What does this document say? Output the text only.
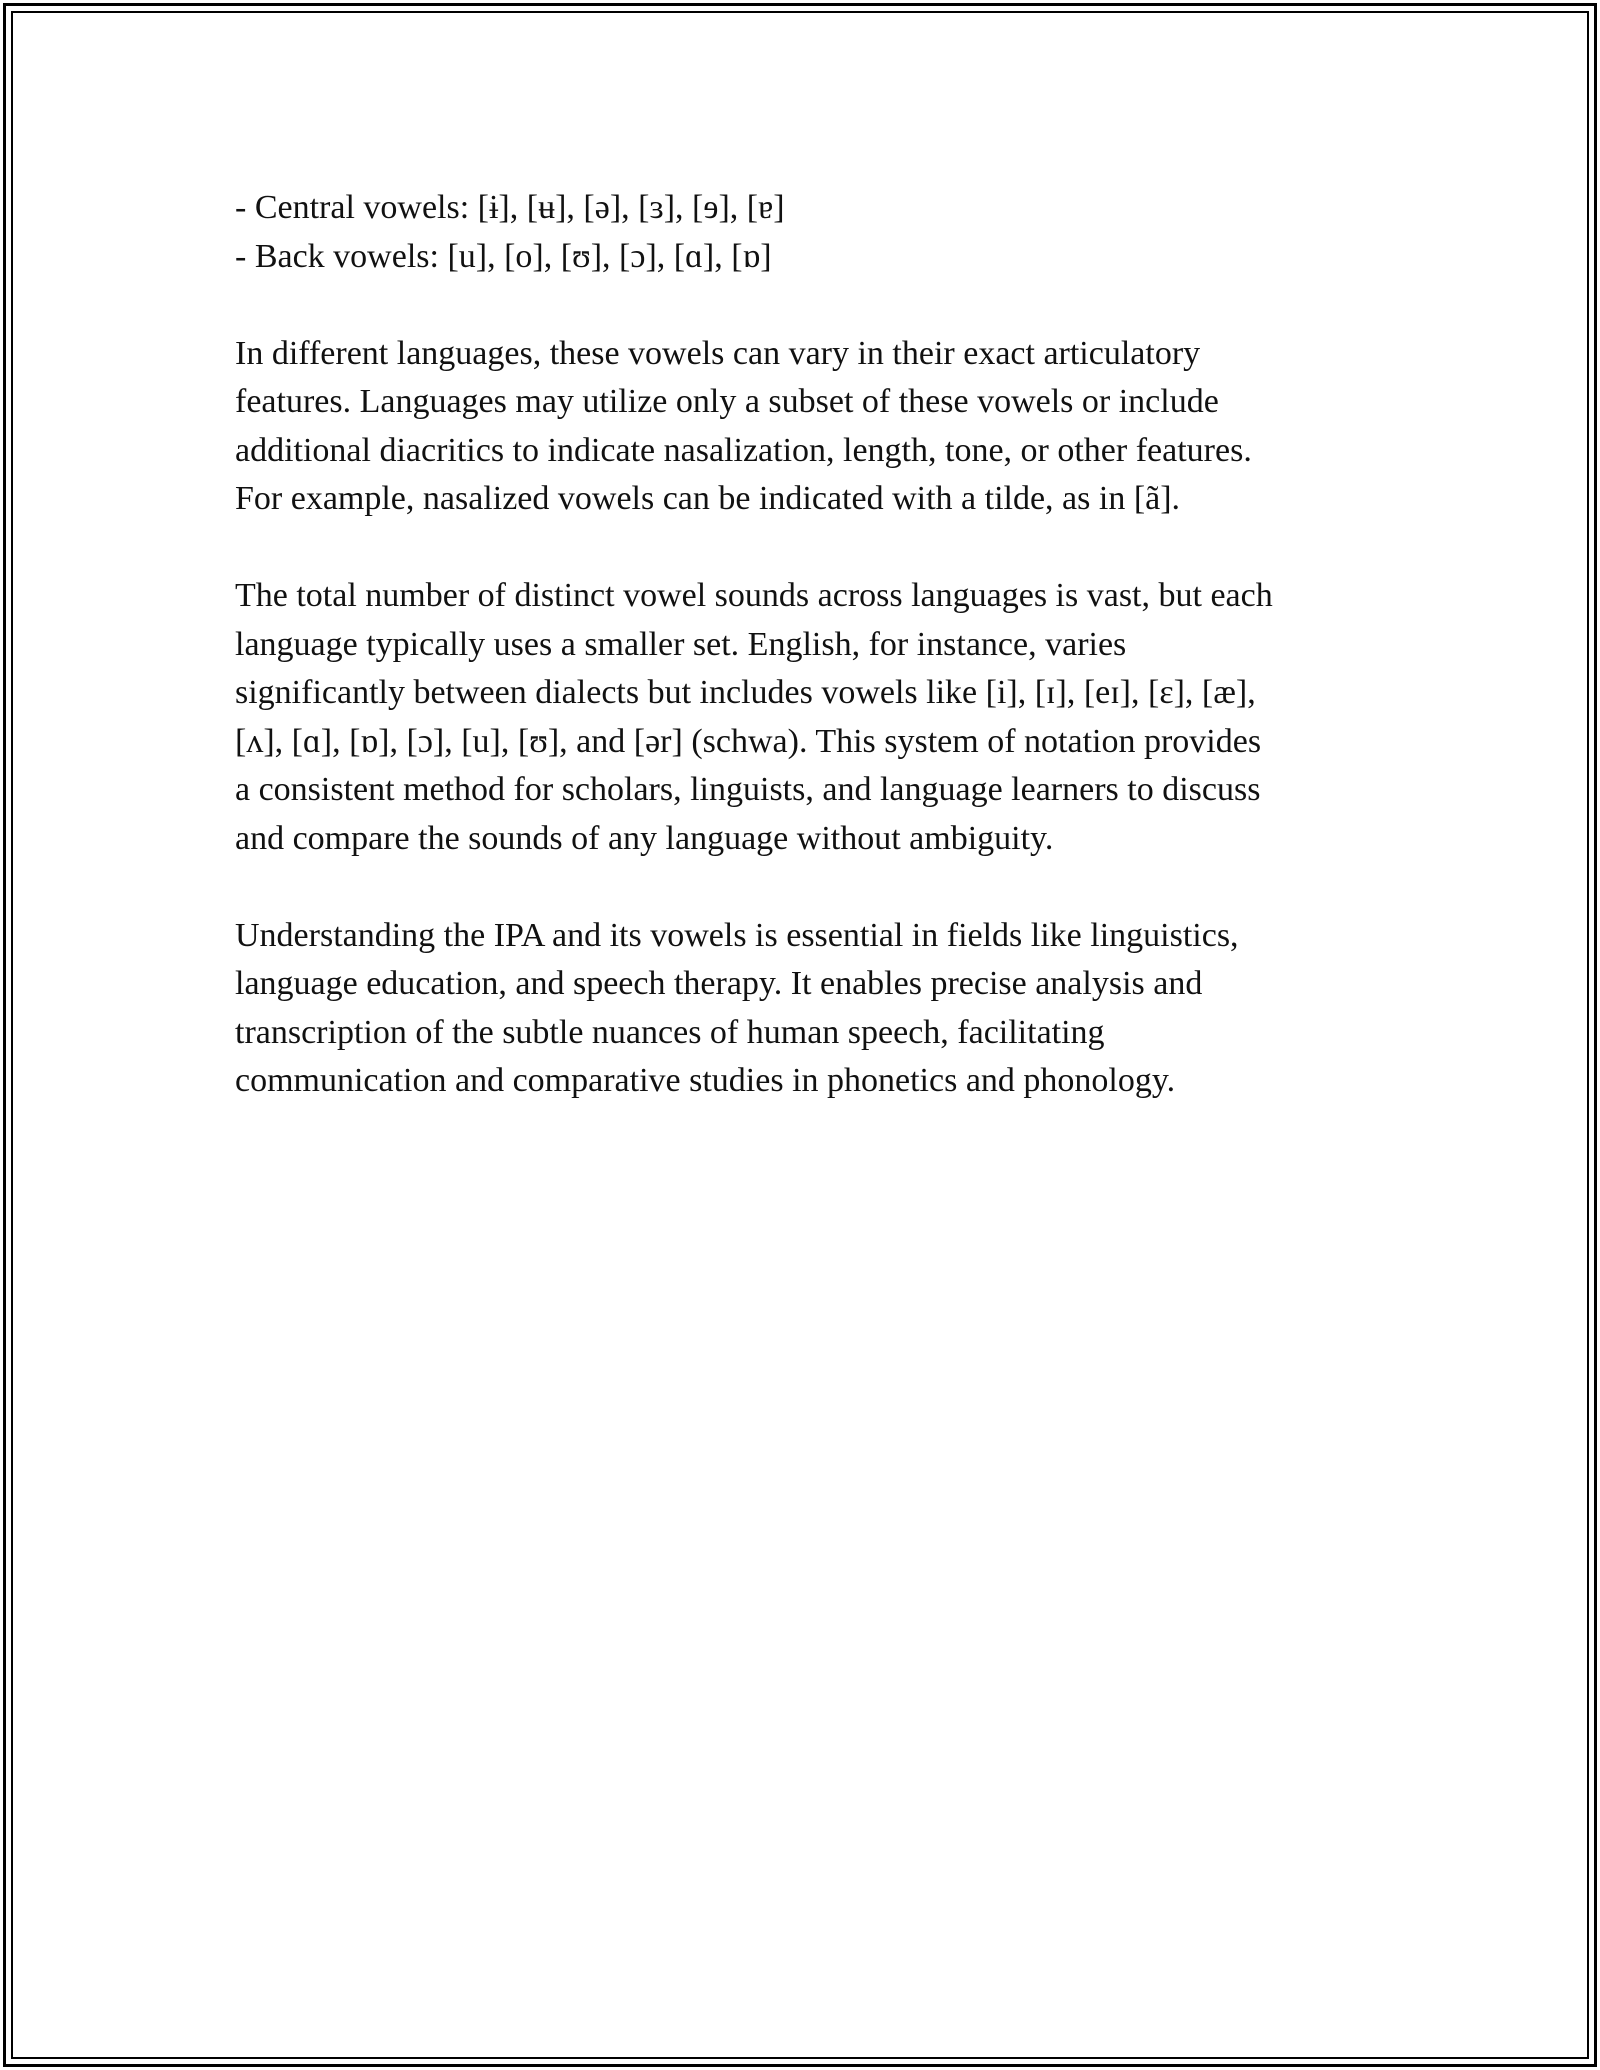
- Central vowels: [ɨ], [ʉ], [ə], [ɜ], [ɘ], [ɐ]

- Back vowels: [u], [o], [ʊ], [ɔ], [ɑ], [ɒ]

In different languages, these vowels can vary in their exact articulatory
features. Languages may utilize only a subset of these vowels or include
additional diacritics to indicate nasalization, length, tone, or other features.
For example, nasalized vowels can be indicated with a tilde, as in [ã].
The total number of distinct vowel sounds across languages is vast, but each
language typically uses a smaller set. English, for instance, varies
significantly between dialects but includes vowels like [i], [ɪ], [eɪ], [ɛ], [æ],
[ʌ], [ɑ], [ɒ], [ɔ], [u], [ʊ], and [ər] (schwa). This system of notation provides
a consistent method for scholars, linguists, and language learners to discuss
and compare the sounds of any language without ambiguity.
Understanding the IPA and its vowels is essential in fields like linguistics,
language education, and speech therapy. It enables precise analysis and
transcription of the subtle nuances of human speech, facilitating
communication and comparative studies in phonetics and phonology.
